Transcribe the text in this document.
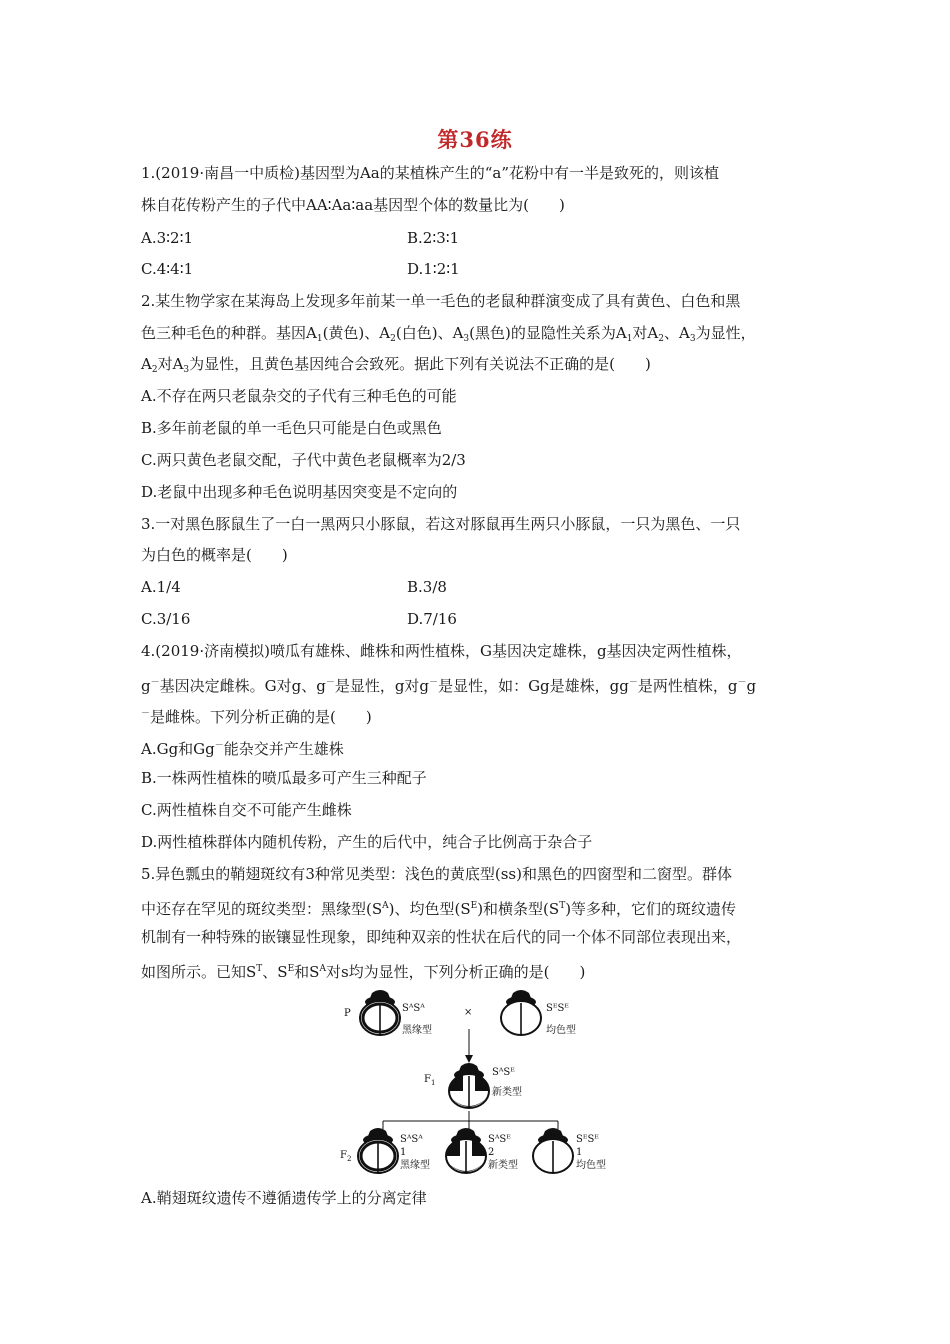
第36练
1.(2019·南昌一中质检)基因型为Aa的某植株产生的“a”花粉中有一半是致死的，则该植
株自花传粉产生的子代中AA∶Aa∶aa基因型个体的数量比为(　　)
A.3∶2∶1	B.2∶3∶1
C.4∶4∶1	D.1∶2∶1
2.某生物学家在某海岛上发现多年前某一单一毛色的老鼠种群演变成了具有黄色、白色和黑
色三种毛色的种群。基因$A_1$(黄色)、$A_2$(白色)、$A_3$(黑色)的显隐性关系为$A_1$对$A_2$、$A_3$为显性，
$A_2$对$A_3$为显性，且黄色基因纯合会致死。据此下列有关说法不正确的是(　　)
A.不存在两只老鼠杂交的子代有三种毛色的可能
B.多年前老鼠的单一毛色只可能是白色或黑色
C.两只黄色老鼠交配，子代中黄色老鼠概率为2/3
D.老鼠中出现多种毛色说明基因突变是不定向的
3.一对黑色豚鼠生了一白一黑两只小豚鼠，若这对豚鼠再生两只小豚鼠，一只为黑色、一只
为白色的概率是(　　)
A.1/4	B.3/8
C.3/16	D.7/16
4.(2019·济南模拟)喷瓜有雄株、雌株和两性植株，G基因决定雄株，g基因决定两性植株，
g－基因决定雌株。G对g、g－是显性，g对g－是显性，如：Gg是雄株，gg－是两性植株，g－g
－是雌株。下列分析正确的是(　　)
A.Gg和Gg－能杂交并产生雄株
B.一株两性植株的喷瓜最多可产生三种配子
C.两性植株自交不可能产生雌株
D.两性植株群体内随机传粉，产生的后代中，纯合子比例高于杂合子
5.异色瓢虫的鞘翅斑纹有3种常见类型：浅色的黄底型(ss)和黑色的四窗型和二窗型。群体
中还存在罕见的斑纹类型：黑缘型$(S^A)$、均色型$(S^E)$和横条型$(S^T)$等多种，它们的斑纹遗传
机制有一种特殊的嵌镶显性现象，即纯种双亲的性状在后代的同一个体不同部位表现出来，
如图所示。已知$S^T$、$S^E$和$S^A$对s均为显性，下列分析正确的是(　　)
P	SᴬSᴬ
黑缘型
×	SᴱSᴱ
均色型
$F_1$
SᴬSᴱ
新类型
$F_2$
SᴬSᴬ
1
黑缘型
SᴬSᴱ
2
新类型
SᴱSᴱ
1
均色型
A.鞘翅斑纹遗传不遵循遗传学上的分离定律
